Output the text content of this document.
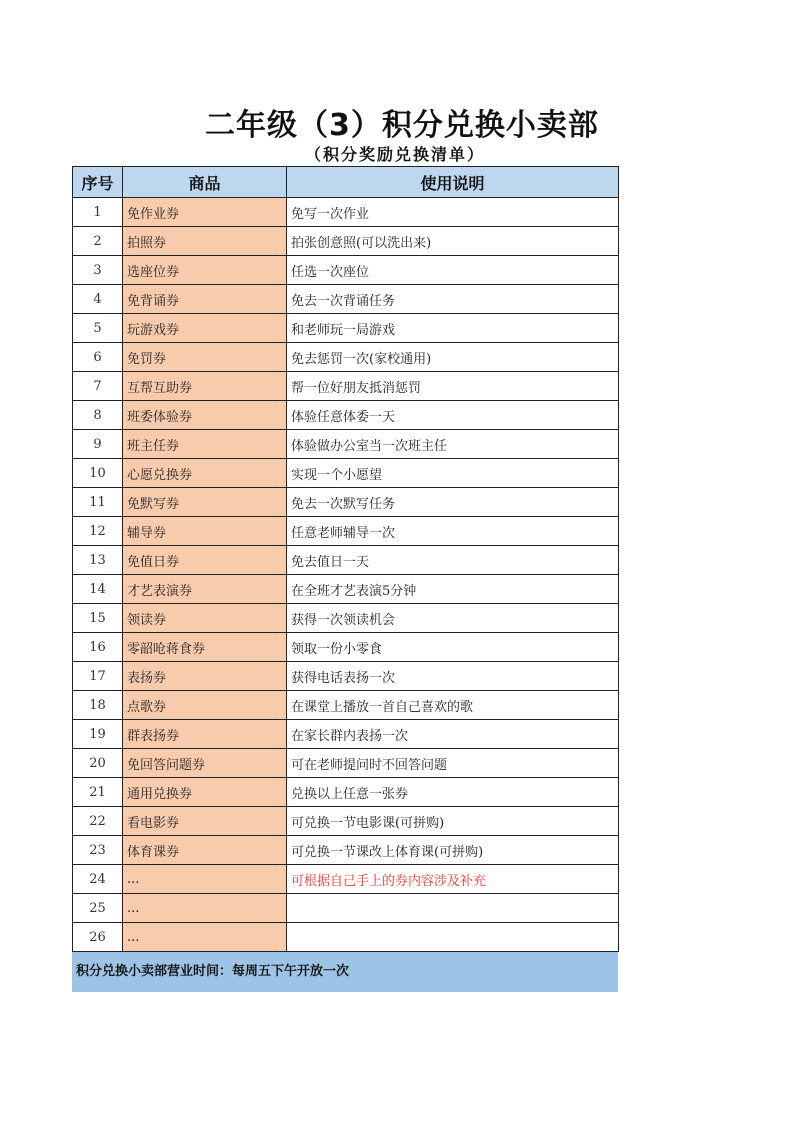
二年级（3）积分兑换小卖部
（积分奖励兑换清单）
序号	商品	使用说明
1	免作业券	免写一次作业
2	拍照券	拍张创意照(可以洗出来)
3	选座位券	任选一次座位
4	免背诵券	免去一次背诵任务
5	玩游戏券	和老师玩一局游戏
6	免罚券	免去惩罚一次(家校通用)
7	互帮互助券	帮一位好朋友抵消惩罚
8	班委体验券	体验任意体委一天
9	班主任券	体验做办公室当一次班主任
10	心愿兑换券	实现一个小愿望
11	免默写券	免去一次默写任务
12	辅导券	任意老师辅导一次
13	免值日券	免去值日一天
14	才艺表演券	在全班才艺表演5分钟
15	领读券	获得一次领读机会
16	零韶呛蒋食券	领取一份小零食
17	表扬券	获得电话表扬一次
18	点歌券	在课堂上播放一首自己喜欢的歌
19	群表扬券	在家长群内表扬一次
20	免回答问题券	可在老师提问时不回答问题
21	通用兑换券	兑换以上任意一张券
22	看电影券	可兑换一节电影课(可拼购)
23	体育课券	可兑换一节课改上体育课(可拼购)
24	...	可根据自己手上的券内容涉及补充
25	...	
26	...	
积分兑换小卖部营业时间：每周五下午开放一次
